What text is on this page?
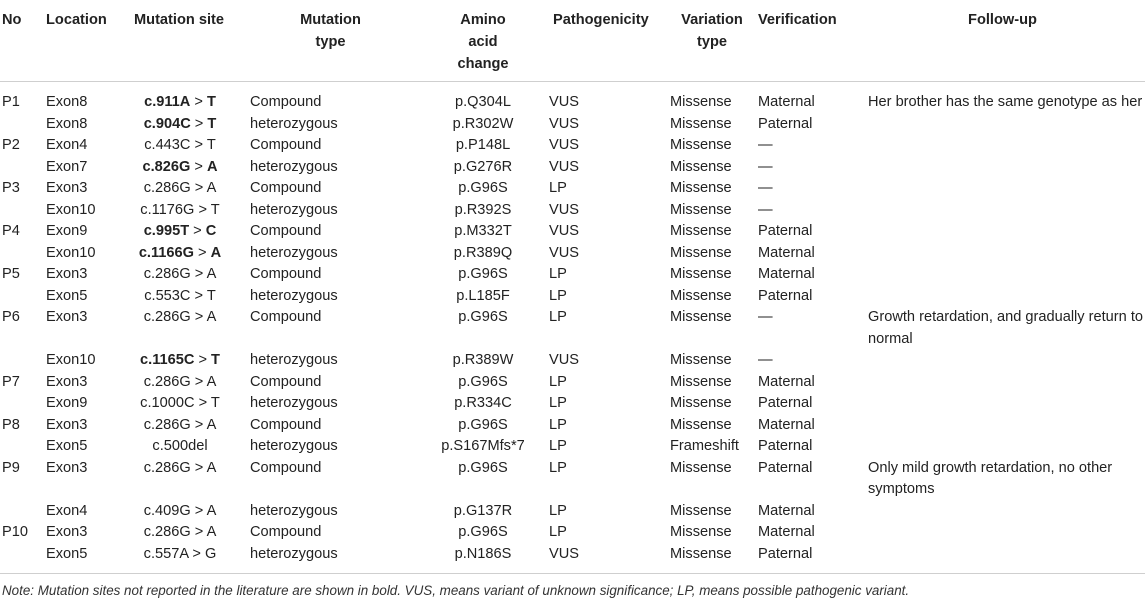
No	Location	Mutation site	Mutation type	Amino acid change	Pathogenicity	Variation type	Verification	Follow-up
P1	Exon8	c.911A > T	Compound	p.Q304L	VUS	Missense	Maternal	Her brother has the same genotype as her
	Exon8	c.904C > T	heterozygous	p.R302W	VUS	Missense	Paternal	
P2	Exon4	c.443C > T	Compound	p.P148L	VUS	Missense	—	
	Exon7	c.826G > A	heterozygous	p.G276R	VUS	Missense	—	
P3	Exon3	c.286G > A	Compound	p.G96S	LP	Missense	—	
	Exon10	c.1176G > T	heterozygous	p.R392S	VUS	Missense	—	
P4	Exon9	c.995T > C	Compound	p.M332T	VUS	Missense	Paternal	
	Exon10	c.1166G > A	heterozygous	p.R389Q	VUS	Missense	Maternal	
P5	Exon3	c.286G > A	Compound	p.G96S	LP	Missense	Maternal	
	Exon5	c.553C > T	heterozygous	p.L185F	LP	Missense	Paternal	
P6	Exon3	c.286G > A	Compound	p.G96S	LP	Missense	—	Growth retardation, and gradually return to normal
	Exon10	c.1165C > T	heterozygous	p.R389W	VUS	Missense	—	
P7	Exon3	c.286G > A	Compound	p.G96S	LP	Missense	Maternal	
	Exon9	c.1000C > T	heterozygous	p.R334C	LP	Missense	Paternal	
P8	Exon3	c.286G > A	Compound	p.G96S	LP	Missense	Maternal	
	Exon5	c.500del	heterozygous	p.S167Mfs*7	LP	Frameshift	Paternal	
P9	Exon3	c.286G > A	Compound	p.G96S	LP	Missense	Paternal	Only mild growth retardation, no other symptoms
	Exon4	c.409G > A	heterozygous	p.G137R	LP	Missense	Maternal	
P10	Exon3	c.286G > A	Compound	p.G96S	LP	Missense	Maternal	
	Exon5	c.557A > G	heterozygous	p.N186S	VUS	Missense	Paternal	
Note: Mutation sites not reported in the literature are shown in bold. VUS, means variant of unknown significance; LP, means possible pathogenic variant.
